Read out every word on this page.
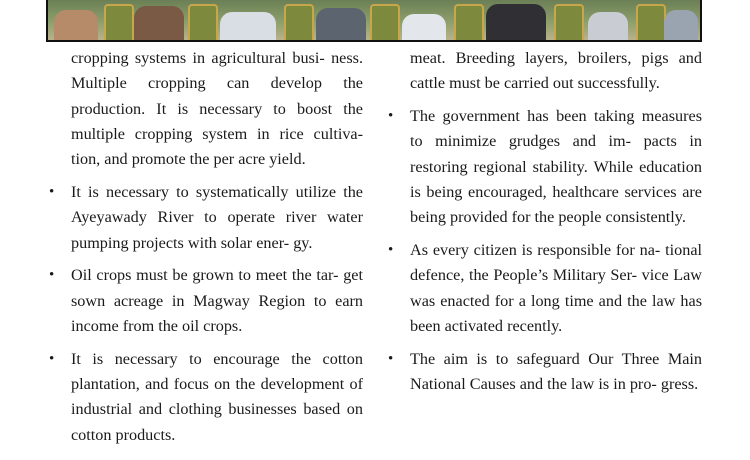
cropping systems in agricultural busi- ness. Multiple cropping can develop the production. It is necessary to boost the multiple cropping system in rice cultiva- tion, and promote the per acre yield.

• It is necessary to systematically utilize the Ayeyawady River to operate river water pumping projects with solar ener- gy.
• Oil crops must be grown to meet the tar- get sown acreage in Magway Region to earn income from the oil crops.
• It is necessary to encourage the cotton plantation, and focus on the development of industrial and clothing businesses based on cotton products.

meat. Breeding layers, broilers, pigs and cattle must be carried out successfully.

• The government has been taking measures to minimize grudges and im- pacts in restoring regional stability. While education is being encouraged, healthcare services are being provided for the people consistently.
• As every citizen is responsible for na- tional defence, the People’s Military Ser- vice Law was enacted for a long time and the law has been activated recently.
• The aim is to safeguard Our Three Main National Causes and the law is in pro- gress.
